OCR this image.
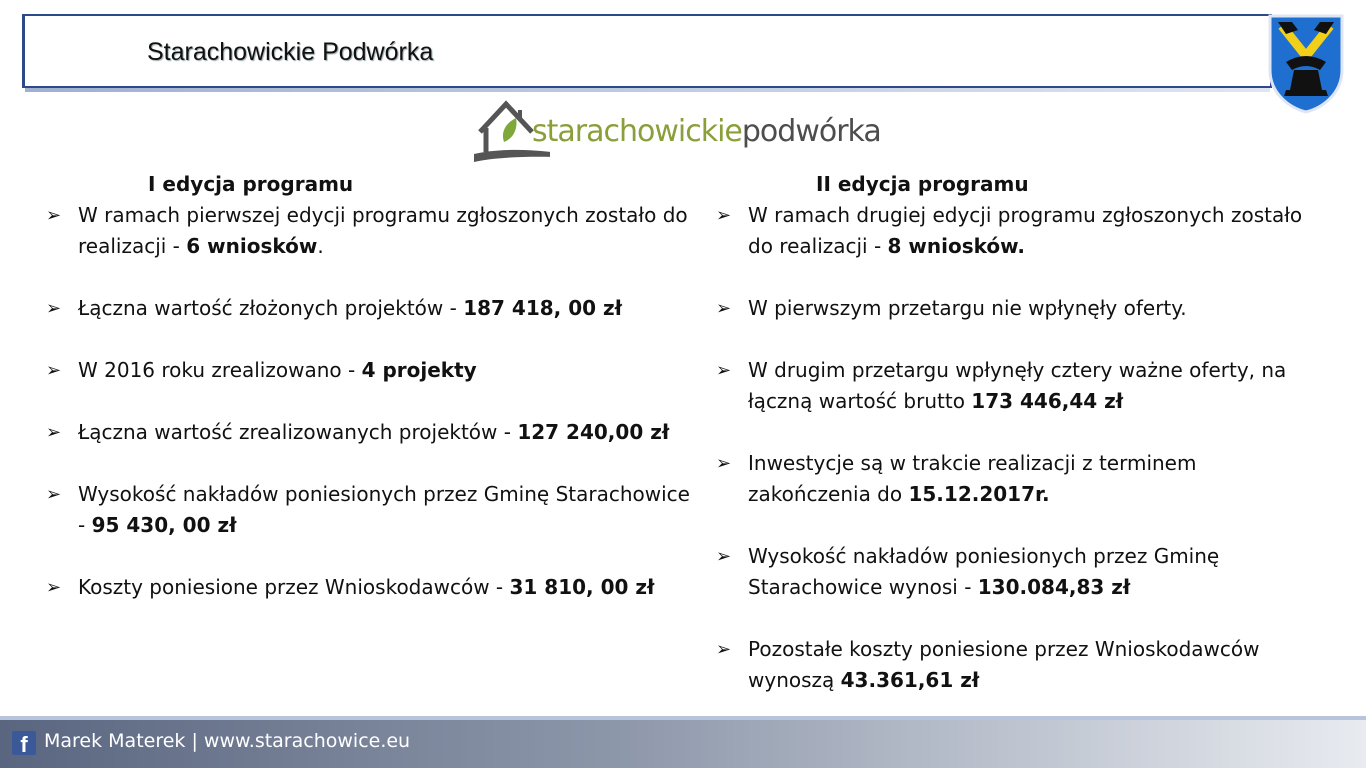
Starachowickie Podwórka
starachowickiepodwórka
I edycja programu
➢ W ramach pierwszej edycji programu zgłoszonych zostało do realizacji - 6 wniosków.
➢ Łączna wartość złożonych projektów - 187 418, 00 zł
➢ W 2016 roku zrealizowano - 4 projekty
➢ Łączna wartość zrealizowanych projektów - 127 240,00 zł
➢ Wysokość nakładów poniesionych przez Gminę Starachowice - 95 430, 00 zł
➢ Koszty poniesione przez Wnioskodawców - 31 810, 00 zł
II edycja programu
➢ W ramach drugiej edycji programu zgłoszonych zostało do realizacji - 8 wniosków.
➢ W pierwszym przetargu nie wpłynęły oferty.
➢ W drugim przetargu wpłynęły cztery ważne oferty, na łączną wartość brutto 173 446,44 zł
➢ Inwestycje są w trakcie realizacji z terminem zakończenia do 15.12.2017r.
➢ Wysokość nakładów poniesionych przez Gminę Starachowice wynosi - 130.084,83 zł
➢ Pozostałe koszty poniesione przez Wnioskodawców wynoszą 43.361,61 zł
f Marek Materek | www.starachowice.eu
